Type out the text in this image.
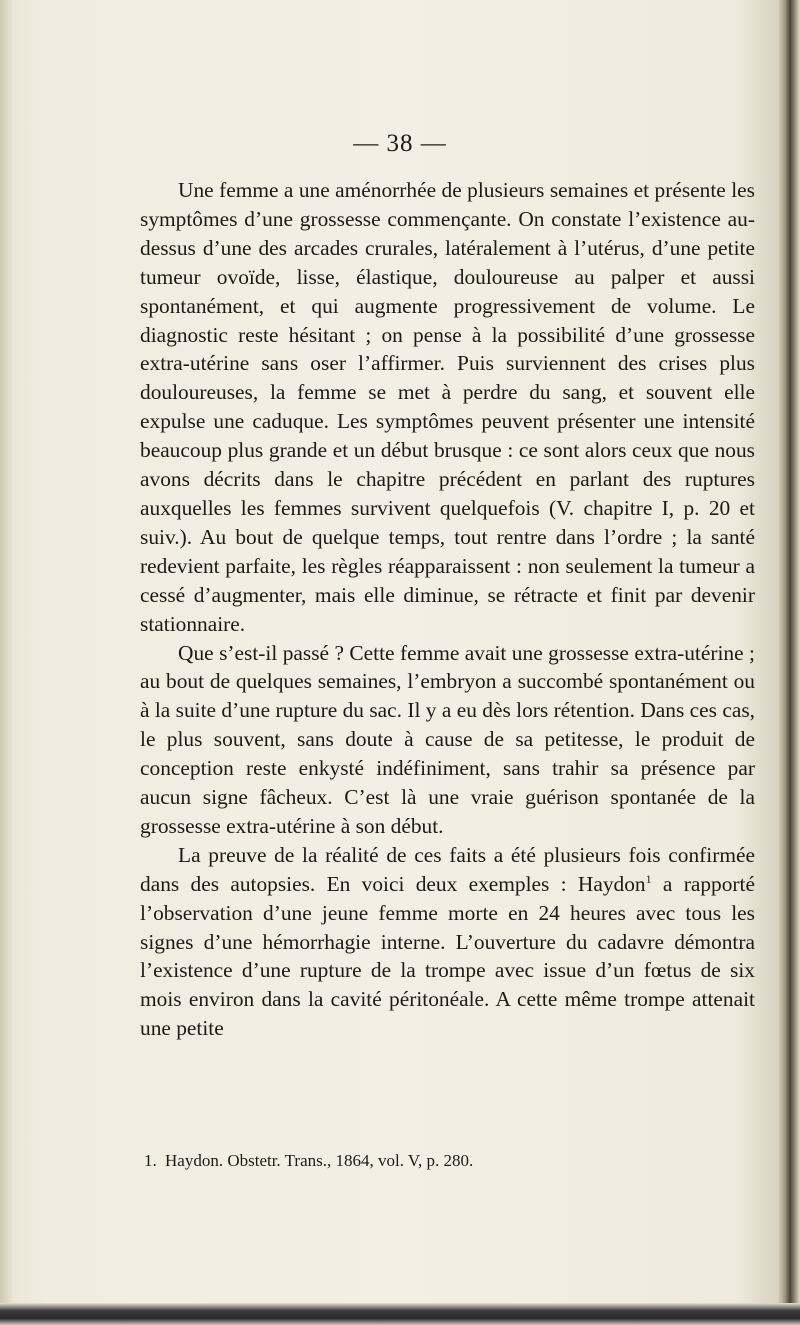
— 38 —

Une femme a une aménorrhée de plusieurs semaines et présente les symptômes d’une grossesse commençante. On constate l’existence au-dessus d’une des arcades crurales, latéralement à l’utérus, d’une petite tumeur ovoïde, lisse, élastique, douloureuse au palper et aussi spontanément, et qui augmente progressivement de volume. Le diagnostic reste hésitant ; on pense à la possibilité d’une grossesse extra-utérine sans oser l’affirmer. Puis surviennent des crises plus douloureuses, la femme se met à perdre du sang, et souvent elle expulse une caduque. Les symptômes peuvent présenter une intensité beaucoup plus grande et un début brusque : ce sont alors ceux que nous avons décrits dans le chapitre précédent en parlant des ruptures auxquelles les femmes survivent quelquefois (V. chapitre I, p. 20 et suiv.). Au bout de quelque temps, tout rentre dans l’ordre ; la santé redevient parfaite, les règles réapparaissent : non seulement la tumeur a cessé d’augmenter, mais elle diminue, se rétracte et finit par devenir stationnaire.

Que s’est-il passé ? Cette femme avait une grossesse extra-utérine ; au bout de quelques semaines, l’embryon a succombé spontanément ou à la suite d’une rupture du sac. Il y a eu dès lors rétention. Dans ces cas, le plus souvent, sans doute à cause de sa petitesse, le produit de conception reste enkysté indéfiniment, sans trahir sa présence par aucun signe fâcheux. C’est là une vraie guérison spontanée de la grossesse extra-utérine à son début.

La preuve de la réalité de ces faits a été plusieurs fois confirmée dans des autopsies. En voici deux exemples : Haydon$^1$ a rapporté l’observation d’une jeune femme morte en 24 heures avec tous les signes d’une hémorrhagie interne. L’ouverture du cadavre démontra l’existence d’une rupture de la trompe avec issue d’un fœtus de six mois environ dans la cavité péritonéale. A cette même trompe attenait une petite

1. Haydon. Obstetr. Trans., 1864, vol. V, p. 280.
